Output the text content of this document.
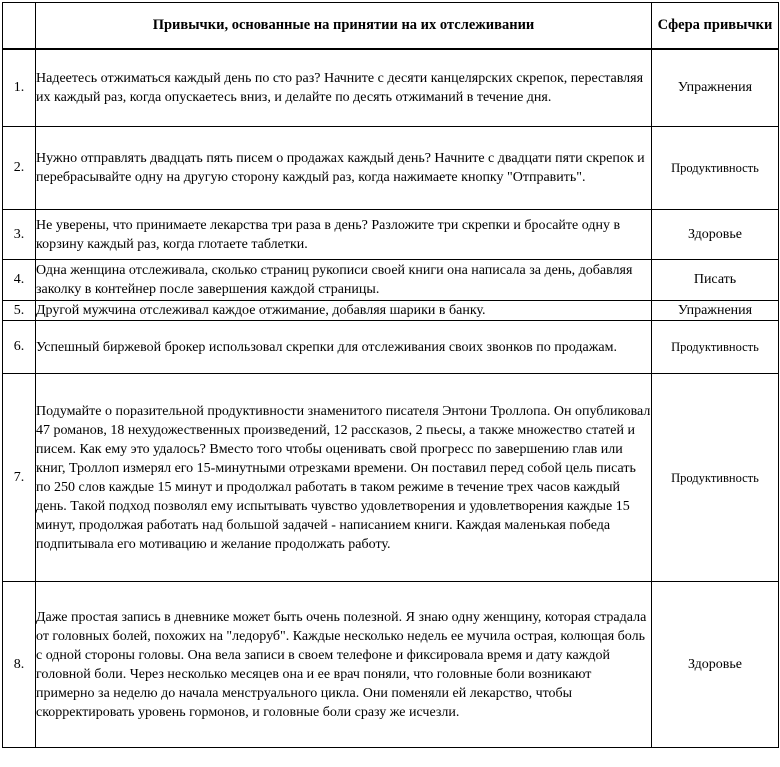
	Привычки, основанные на принятии на их отслеживании	Сфера привычки
1.	Надеетесь отжиматься каждый день по сто раз? Начните с десяти канцелярских скрепок, переставляя их каждый раз, когда опускаетесь вниз, и делайте по десять отжиманий в течение дня.	Упражнения
2.	Нужно отправлять двадцать пять писем о продажах каждый день? Начните с двадцати пяти скрепок и перебрасывайте одну на другую сторону каждый раз, когда нажимаете кнопку "Отправить".	Продуктивность
3.	Не уверены, что принимаете лекарства три раза в день? Разложите три скрепки и бросайте одну в корзину каждый раз, когда глотаете таблетки.	Здоровье
4.	Одна женщина отслеживала, сколько страниц рукописи своей книги она написала за день, добавляя заколку в контейнер после завершения каждой страницы.	Писать
5.	Другой мужчина отслеживал каждое отжимание, добавляя шарики в банку.	Упражнения
6.	Успешный биржевой брокер использовал скрепки для отслеживания своих звонков по продажам.	Продуктивность
7.	Подумайте о поразительной продуктивности знаменитого писателя Энтони Троллопа. Он опубликовал 47 романов, 18 нехудожественных произведений, 12 рассказов, 2 пьесы, а также множество статей и писем. Как ему это удалось? Вместо того чтобы оценивать свой прогресс по завершению глав или книг, Троллоп измерял его 15-минутными отрезками времени. Он поставил перед собой цель писать по 250 слов каждые 15 минут и продолжал работать в таком режиме в течение трех часов каждый день. Такой подход позволял ему испытывать чувство удовлетворения и удовлетворения каждые 15 минут, продолжая работать над большой задачей - написанием книги. Каждая маленькая победа подпитывала его мотивацию и желание продолжать работу.	Продуктивность
8.	Даже простая запись в дневнике может быть очень полезной. Я знаю одну женщину, которая страдала от головных болей, похожих на "ледоруб". Каждые несколько недель ее мучила острая, колющая боль с одной стороны головы. Она вела записи в своем телефоне и фиксировала время и дату каждой головной боли. Через несколько месяцев она и ее врач поняли, что головные боли возникают примерно за неделю до начала менструального цикла. Они поменяли ей лекарство, чтобы скорректировать уровень гормонов, и головные боли сразу же исчезли.	Здоровье
